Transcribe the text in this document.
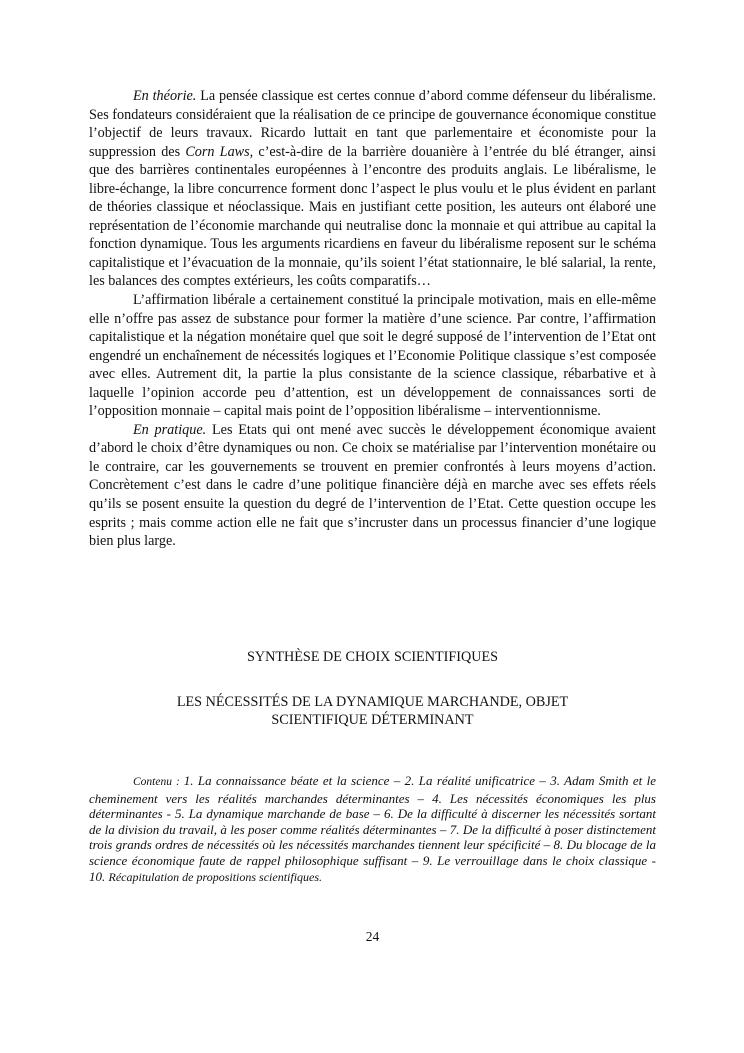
En théorie. La pensée classique est certes connue d’abord comme défenseur du libéralisme. Ses fondateurs considéraient que la réalisation de ce principe de gouvernance économique constitue l’objectif de leurs travaux. Ricardo luttait en tant que parlementaire et économiste pour la suppression des Corn Laws, c’est-à-dire de la barrière douanière à l’entrée du blé étranger, ainsi que des barrières continentales européennes à l’encontre des produits anglais. Le libéralisme, le libre-échange, la libre concurrence forment donc l’aspect le plus voulu et le plus évident en parlant de théories classique et néoclassique. Mais en justifiant cette position, les auteurs ont élaboré une représentation de l’économie marchande qui neutralise donc la monnaie et qui attribue au capital la fonction dynamique. Tous les arguments ricardiens en faveur du libéralisme reposent sur le schéma capitalistique et l’évacuation de la monnaie, qu’ils soient l’état stationnaire, le blé salarial, la rente, les balances des comptes extérieurs, les coûts comparatifs…

L’affirmation libérale a certainement constitué la principale motivation, mais en elle-même elle n’offre pas assez de substance pour former la matière d’une science. Par contre, l’affirmation capitalistique et la négation monétaire quel que soit le degré supposé de l’intervention de l’Etat ont engendré un enchaînement de nécessités logiques et l’Economie Politique classique s’est composée avec elles. Autrement dit, la partie la plus consistante de la science classique, rébarbative et à laquelle l’opinion accorde peu d’attention, est un développement de connaissances sorti de l’opposition monnaie – capital mais point de l’opposition libéralisme – interventionnisme.

En pratique. Les Etats qui ont mené avec succès le développement économique avaient d’abord le choix d’être dynamiques ou non. Ce choix se matérialise par l’intervention monétaire ou le contraire, car les gouvernements se trouvent en premier confrontés à leurs moyens d’action. Concrètement c’est dans le cadre d’une politique financière déjà en marche avec ses effets réels qu’ils se posent ensuite la question du degré de l’intervention de l’Etat. Cette question occupe les esprits ; mais comme action elle ne fait que s’incruster dans un processus financier d’une logique bien plus large.

SYNTHÈSE DE CHOIX SCIENTIFIQUES
LES NÉCESSITÉS DE LA DYNAMIQUE MARCHANDE, OBJET SCIENTIFIQUE DÉTERMINANT

Contenu : 1. La connaissance béate et la science – 2. La réalité unificatrice – 3. Adam Smith et le cheminement vers les réalités marchandes déterminantes – 4. Les nécessités économiques les plus déterminantes - 5. La dynamique marchande de base – 6. De la difficulté à discerner les nécessités sortant de la division du travail, à les poser comme réalités déterminantes – 7. De la difficulté à poser distinctement trois grands ordres de nécessités où les nécessités marchandes tiennent leur spécificité – 8. Du blocage de la science économique faute de rappel philosophique suffisant – 9. Le verrouillage dans le choix classique - 10. Récapitulation de propositions scientifiques.

24
